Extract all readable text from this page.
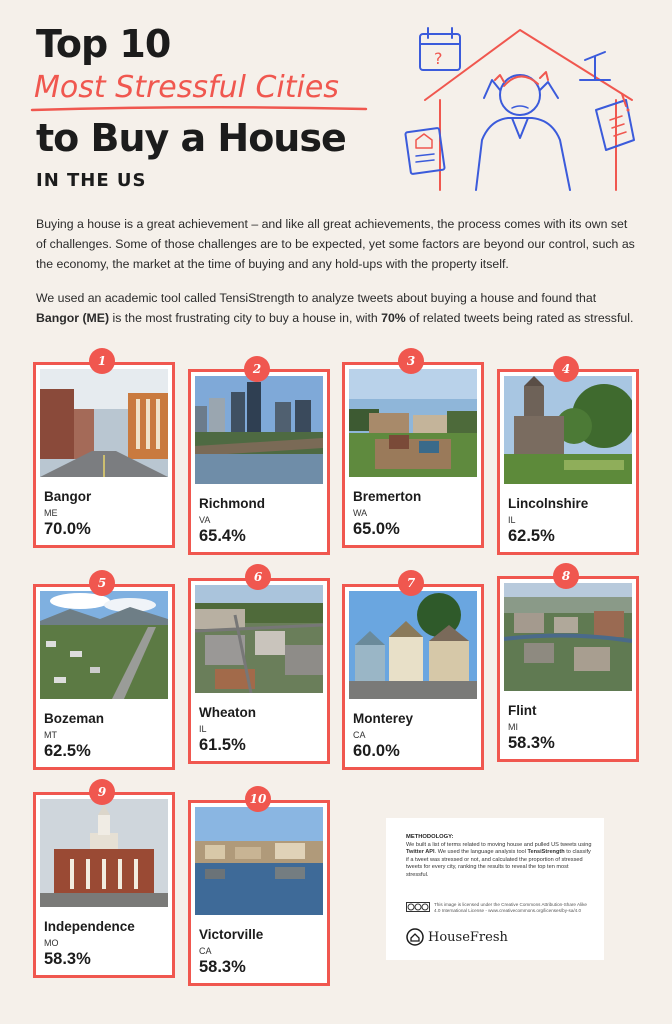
Top 10
Most Stressful Cities
to Buy a House
IN THE US
?
Buying a house is a great achievement – and like all great achievements, the process comes with its own set of challenges. Some of those challenges are to be expected, yet some factors are beyond our control, such as the economy, the market at the time of buying and any hold-ups with the property itself.
We used an academic tool called TensiStrength to analyze tweets about buying a house and found that Bangor (ME) is the most frustrating city to buy a house in, with 70% of related tweets being rated as stressful.
Bangor
ME
70.0%
1
Richmond
VA
65.4%
2
Bremerton
WA
65.0%
3
Lincolnshire
IL
62.5%
4
Bozeman
MT
62.5%
5
Wheaton
IL
61.5%
6
Monterey
CA
60.0%
7
Flint
MI
58.3%
8
Independence
MO
58.3%
9
Victorville
CA
58.3%
10
METHODOLOGY:
We built a list of terms related to moving house and pulled US tweets using Twitter API. We used the language analysis tool TensiStrength to classify if a tweet was stressed or not, and calculated the proportion of stressed tweets for every city, ranking the results to reveal the top ten most stressful.
This image is licensed under the Creative Commons Attribution-Share Alike 4.0 International License - www.creativecommons.org/licenses/by-sa/4.0
HouseFresh
